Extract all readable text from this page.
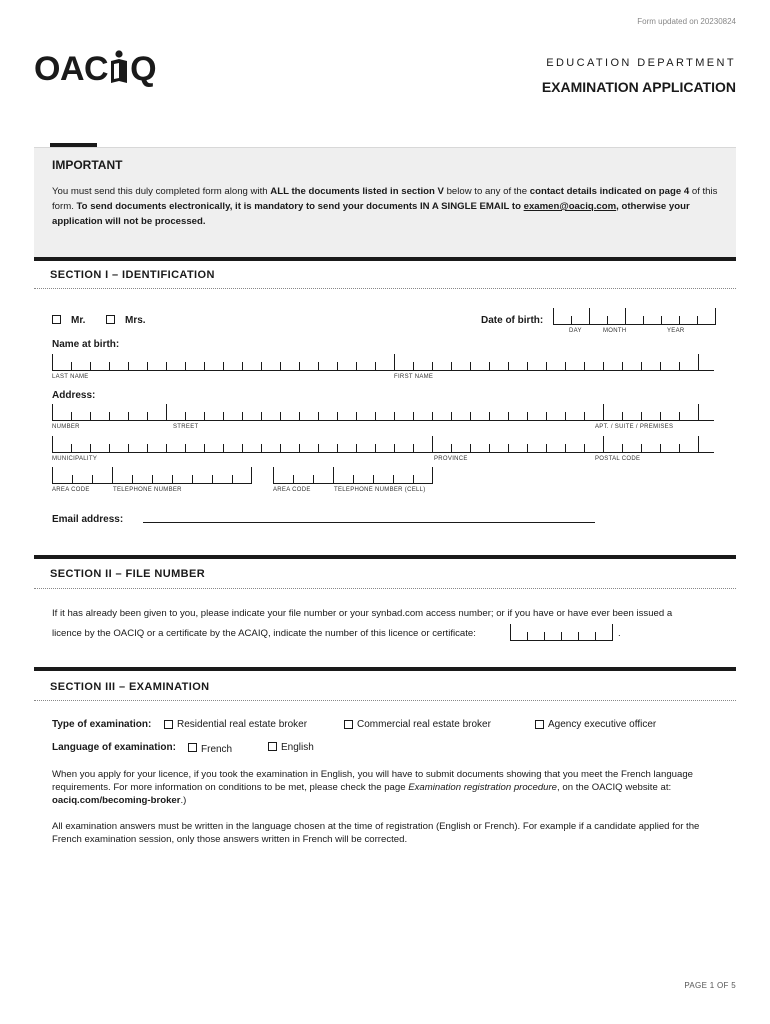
Form updated on 20230824
OAC Q	EDUCATION DEPARTMENT
EXAMINATION APPLICATION
IMPORTANT
You must send this duly completed form along with ALL the documents listed in section V below to any of the contact details indicated on page 4 of this form. To send documents electronically, it is mandatory to send your documents IN A SINGLE EMAIL to examen@oaciq.com, otherwise your application will not be processed.
SECTION I – IDENTIFICATION
Mr.	Mrs.	Date of birth:
DAY	MONTH	YEAR
Name at birth:
LAST NAME	FIRST NAME
Address:
NUMBER	STREET	APT. / SUITE / PREMISES
MUNICIPALITY	PROVINCE	POSTAL CODE
AREA CODE	TELEPHONE NUMBER	AREA CODE	TELEPHONE NUMBER (CELL)
Email address:
SECTION II – FILE NUMBER
If it has already been given to you, please indicate your file number or your synbad.com access number; or if you have or have ever been issued a
licence by the OACIQ or a certificate by the ACAIQ, indicate the number of this licence or certificate:	.
SECTION III – EXAMINATION
Type of examination:	Residential real estate broker	Commercial real estate broker	Agency executive officer
Language of examination:	French	English
When you apply for your licence, if you took the examination in English, you will have to submit documents showing that you meet the French language requirements. For more information on conditions to be met, please check the page Examination registration procedure, on the OACIQ website at: oaciq.com/becoming-broker.)
All examination answers must be written in the language chosen at the time of registration (English or French). For example if a candidate applied for the French examination session, only those answers written in French will be corrected.
PAGE 1 OF 5
